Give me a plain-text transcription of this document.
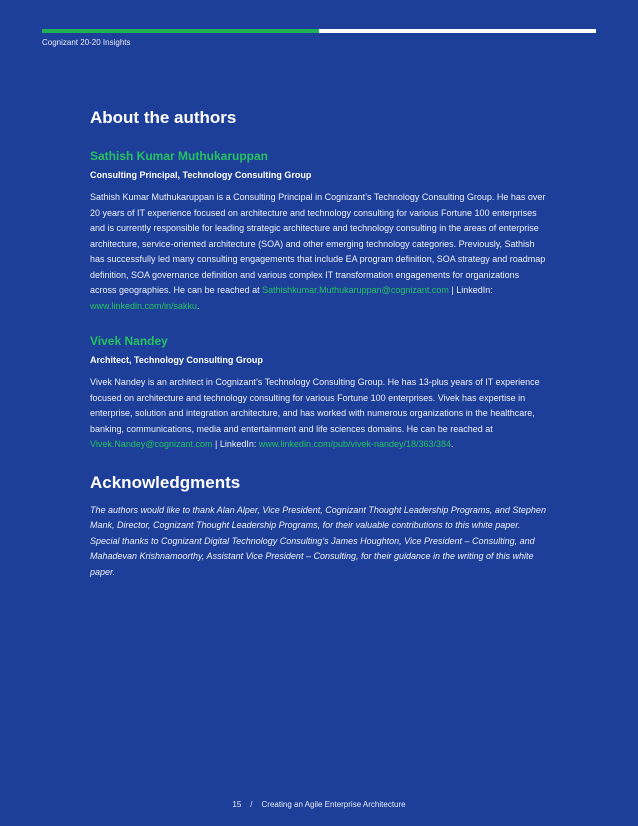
Cognizant 20-20 Insights
About the authors

Sathish Kumar Muthukaruppan

Consulting Principal, Technology Consulting Group

Sathish Kumar Muthukaruppan is a Consulting Principal in Cognizant’s Technology Consulting Group. He has over 20 years of IT experience focused on architecture and technology consulting for various Fortune 100 enterprises and is currently responsible for leading strategic architecture and technology consulting in the areas of enterprise architecture, service-oriented architecture (SOA) and other emerging technology categories. Previously, Sathish has successfully led many consulting engagements that include EA program definition, SOA strategy and roadmap definition, SOA governance definition and various complex IT transformation engagements for organizations across geographies. He can be reached at Sathishkumar.Muthukaruppan@cognizant.com | LinkedIn: www.linkedin.com/in/sakku.

Vivek Nandey

Architect, Technology Consulting Group

Vivek Nandey is an architect in Cognizant’s Technology Consulting Group. He has 13-plus years of IT experience focused on architecture and technology consulting for various Fortune 100 enterprises. Vivek has expertise in enterprise, solution and integration architecture, and has worked with numerous organizations in the healthcare, banking, communications, media and entertainment and life sciences domains. He can be reached at Vivek.Nandey@cognizant.com | LinkedIn: www.linkedin.com/pub/vivek-nandey/18/363/384.

Acknowledgments

The authors would like to thank Alan Alper, Vice President, Cognizant Thought Leadership Programs, and Stephen Mank, Director, Cognizant Thought Leadership Programs, for their valuable contributions to this white paper. Special thanks to Cognizant Digital Technology Consulting’s James Houghton, Vice President – Consulting, and Mahadevan Krishnamoorthy, Assistant Vice President – Consulting, for their guidance in the writing of this white paper.

15 / Creating an Agile Enterprise Architecture
